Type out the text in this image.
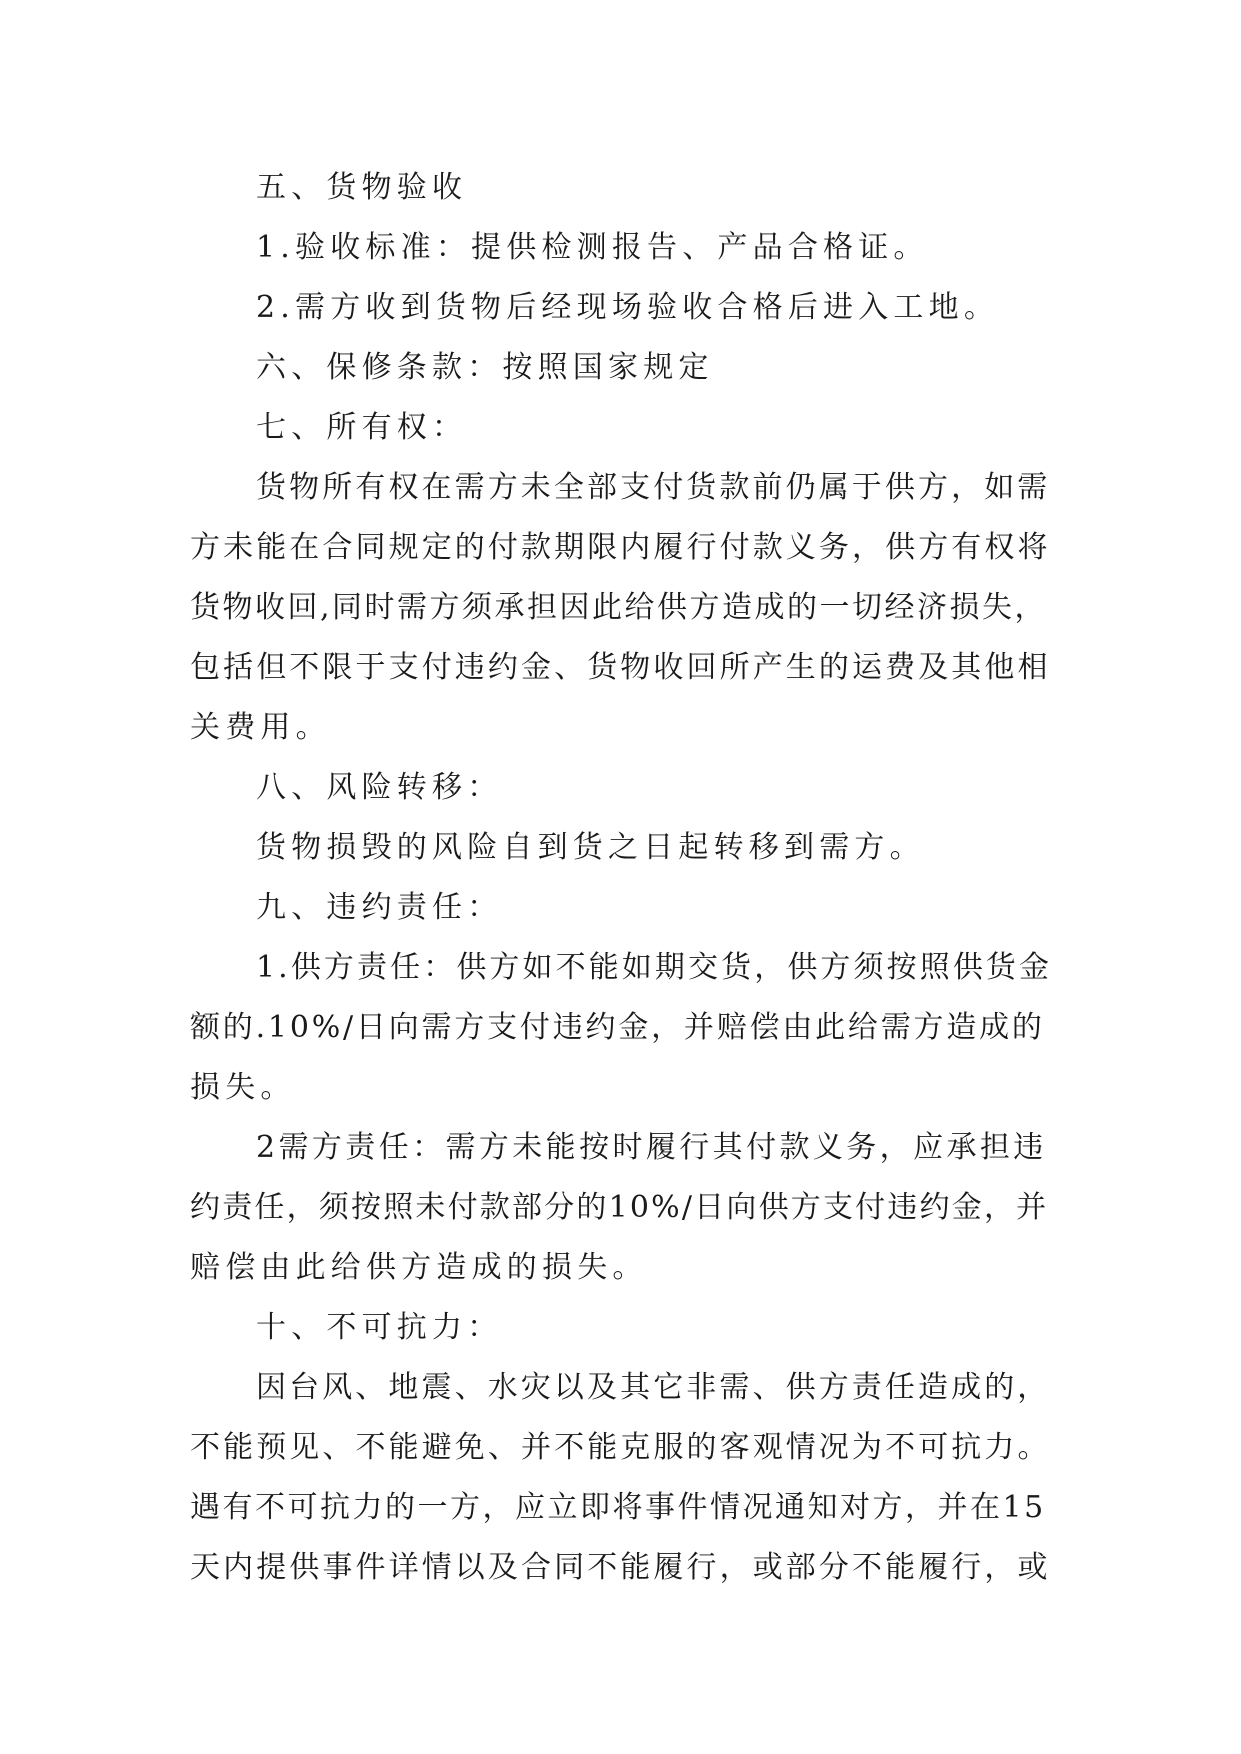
五、货物验收
1.验收标准：提供检测报告、产品合格证。
2.需方收到货物后经现场验收合格后进入工地。
六、保修条款：按照国家规定
七、所有权：
货物所有权在需方未全部支付货款前仍属于供方，如需
方未能在合同规定的付款期限内履行付款义务，供方有权将
货物收回,同时需方须承担因此给供方造成的一切经济损失，
包括但不限于支付违约金、货物收回所产生的运费及其他相
关费用。
八、风险转移：
货物损毁的风险自到货之日起转移到需方。
九、违约责任：
1.供方责任：供方如不能如期交货，供方须按照供货金
额的.10%/日向需方支付违约金，并赔偿由此给需方造成的
损失。
2需方责任：需方未能按时履行其付款义务，应承担违
约责任，须按照未付款部分的10%/日向供方支付违约金，并
赔偿由此给供方造成的损失。
十、不可抗力：
因台风、地震、水灾以及其它非需、供方责任造成的，
不能预见、不能避免、并不能克服的客观情况为不可抗力。
遇有不可抗力的一方，应立即将事件情况通知对方，并在15
天内提供事件详情以及合同不能履行，或部分不能履行，或
